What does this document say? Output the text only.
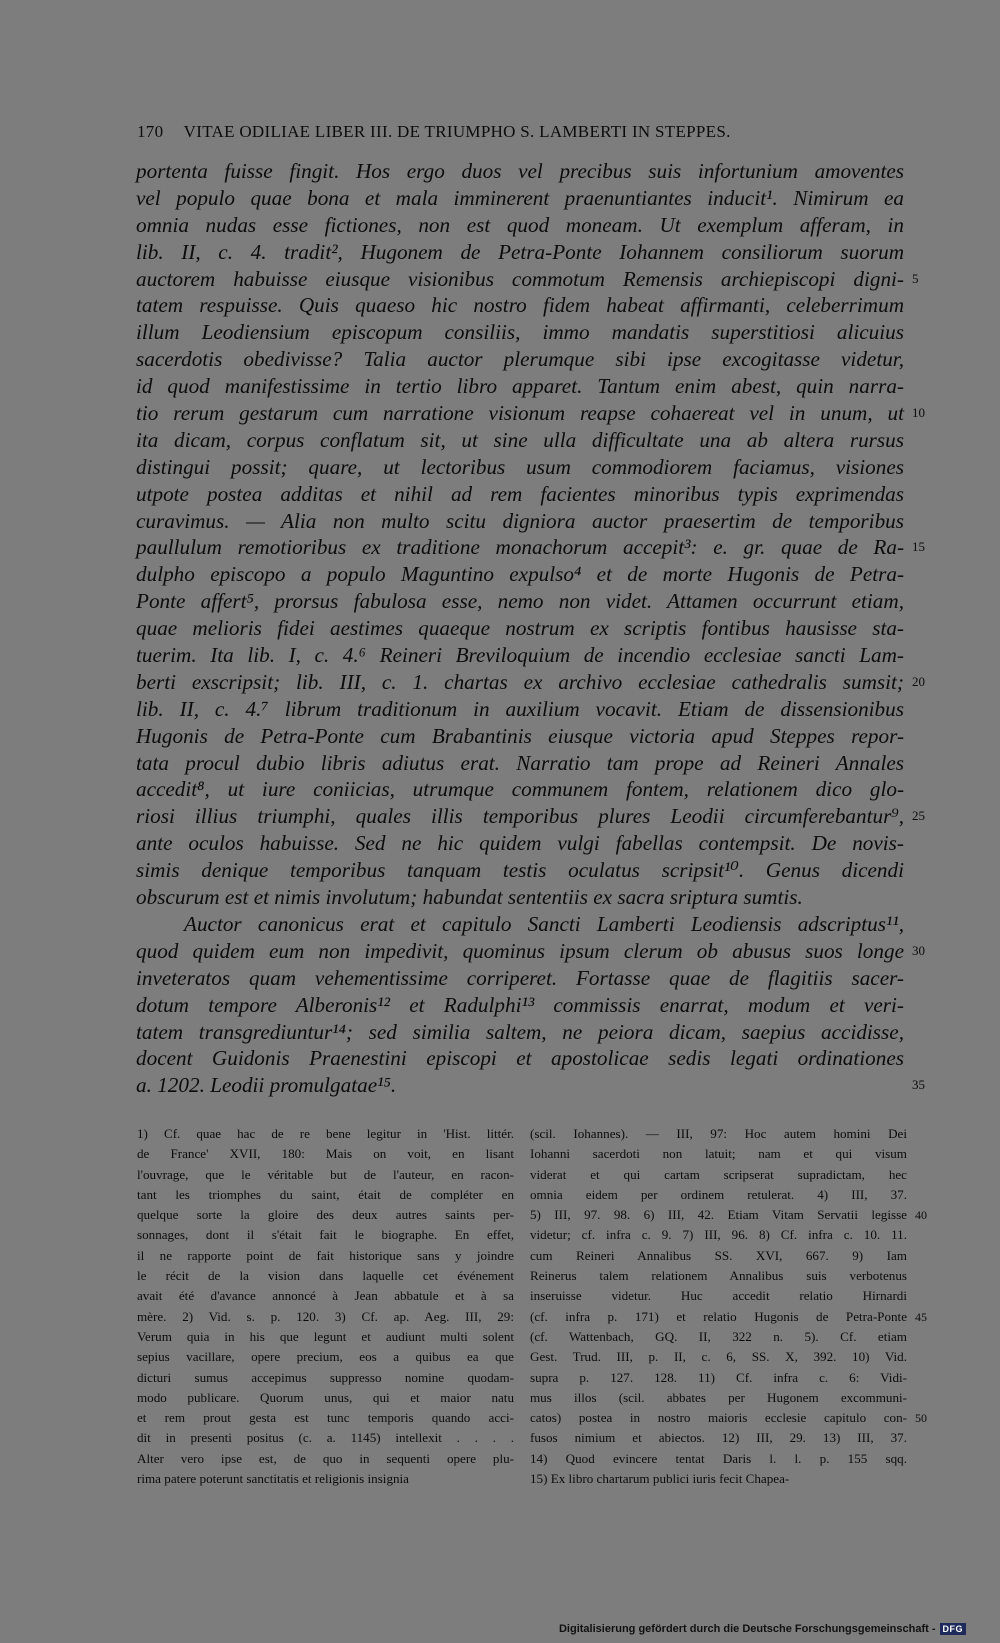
170 VITAE ODILIAE LIBER III. DE TRIUMPHO S. LAMBERTI IN STEPPES.
portenta fuisse fingit. Hos ergo duos vel precibus suis infortunium amoventes
vel populo quae bona et mala imminerent praenuntiantes inducit¹. Nimirum ea
omnia nudas esse fictiones, non est quod moneam. Ut exemplum afferam, in
lib. II, c. 4. tradit², Hugonem de Petra-Ponte Iohannem consiliorum suorum
auctorem habuisse eiusque visionibus commotum Remensis archiepiscopi digni- 5
tatem respuisse. Quis quaeso hic nostro fidem habeat affirmanti, celeberrimum
illum Leodiensium episcopum consiliis, immo mandatis superstitiosi alicuius
sacerdotis obedivisse? Talia auctor plerumque sibi ipse excogitasse videtur,
id quod manifestissime in tertio libro apparet. Tantum enim abest, quin narra-
tio rerum gestarum cum narratione visionum reapse cohaereat vel in unum, ut 10
ita dicam, corpus conflatum sit, ut sine ulla difficultate una ab altera rursus
distingui possit; quare, ut lectoribus usum commodiorem faciamus, visiones
utpote postea additas et nihil ad rem facientes minoribus typis exprimendas
curavimus. — Alia non multo scitu digniora auctor praesertim de temporibus
paullulum remotioribus ex traditione monachorum accepit³: e. gr. quae de Ra- 15
dulpho episcopo a populo Maguntino expulso⁴ et de morte Hugonis de Petra-
Ponte affert⁵, prorsus fabulosa esse, nemo non videt. Attamen occurrunt etiam,
quae melioris fidei aestimes quaeque nostrum ex scriptis fontibus hausisse sta-
tuerim. Ita lib. I, c. 4.⁶ Reineri Breviloquium de incendio ecclesiae sancti Lam-
berti exscripsit; lib. III, c. 1. chartas ex archivo ecclesiae cathedralis sumsit; 20
lib. II, c. 4.⁷ librum traditionum in auxilium vocavit. Etiam de dissensionibus
Hugonis de Petra-Ponte cum Brabantinis eiusque victoria apud Steppes repor-
tata procul dubio libris adiutus erat. Narratio tam prope ad Reineri Annales
accedit⁸, ut iure coniicias, utrumque communem fontem, relationem dico glo-
riosi illius triumphi, quales illis temporibus plures Leodii circumferebantur⁹, 25
ante oculos habuisse. Sed ne hic quidem vulgi fabellas contempsit. De novis-
simis denique temporibus tanquam testis oculatus scripsit¹⁰. Genus dicendi
obscurum est et nimis involutum; habundat sententiis ex sacra sriptura sumtis.
Auctor canonicus erat et capitulo Sancti Lamberti Leodiensis adscriptus¹¹,
quod quidem eum non impedivit, quominus ipsum clerum ob abusus suos longe 30
inveteratos quam vehementissime corriperet. Fortasse quae de flagitiis sacer-
dotum tempore Alberonis¹² et Radulphi¹³ commissis enarrat, modum et veri-
tatem transgrediuntur¹⁴; sed similia saltem, ne peiora dicam, saepius accidisse,
docent Guidonis Praenestini episcopi et apostolicae sedis legati ordinationes
a. 1202. Leodii promulgatae¹⁵.	35
1) Cf. quae hac de re bene legitur in 'Hist. littér.
de France' XVII, 180: Mais on voit, en lisant
l'ouvrage, que le véritable but de l'auteur, en racon-
tant les triomphes du saint, était de compléter en
quelque sorte la gloire des deux autres saints per-
sonnages, dont il s'était fait le biographe. En effet,
il ne rapporte point de fait historique sans y joindre
le récit de la vision dans laquelle cet événement
avait été d'avance annoncé à Jean abbatule et à sa
mère. 2) Vid. s. p. 120. 3) Cf. ap. Aeg. III, 29:
Verum quia in his que legunt et audiunt multi solent
sepius vacillare, opere precium, eos a quibus ea que
dicturi sumus accepimus suppresso nomine quodam-
modo publicare. Quorum unus, qui et maior natu
et rem prout gesta est tunc temporis quando acci-
dit in presenti positus (c. a. 1145) intellexit . . . .
Alter vero ipse est, de quo in sequenti opere plu-
rima patere poterunt sanctitatis et religionis insignia
(scil. Iohannes). — III, 97: Hoc autem homini Dei
Iohanni sacerdoti non latuit; nam et qui visum
viderat et qui cartam scripserat supradictam, hec
omnia eidem per ordinem retulerat. 4) III, 37.
5) III, 97. 98. 6) III, 42. Etiam Vitam Servatii legisse 40
videtur; cf. infra c. 9. 7) III, 96. 8) Cf. infra c. 10. 11.
cum Reineri Annalibus SS. XVI, 667. 9) Iam
Reinerus talem relationem Annalibus suis verbotenus
inseruisse videtur. Huc accedit relatio Hirnardi
(cf. infra p. 171) et relatio Hugonis de Petra-Ponte 45
(cf. Wattenbach, GQ. II, 322 n. 5). Cf. etiam
Gest. Trud. III, p. II, c. 6, SS. X, 392. 10) Vid.
supra p. 127. 128. 11) Cf. infra c. 6: Vidi-
mus illos (scil. abbates per Hugonem excommuni-
catos) postea in nostro maioris ecclesie capitulo con- 50
fusos nimium et abiectos. 12) III, 29. 13) III, 37.
14) Quod evincere tentat Daris l. l. p. 155 sqq.
15) Ex libro chartarum publici iuris fecit Chapea-
Digitalisierung gefördert durch die Deutsche Forschungsgemeinschaft - DFG
